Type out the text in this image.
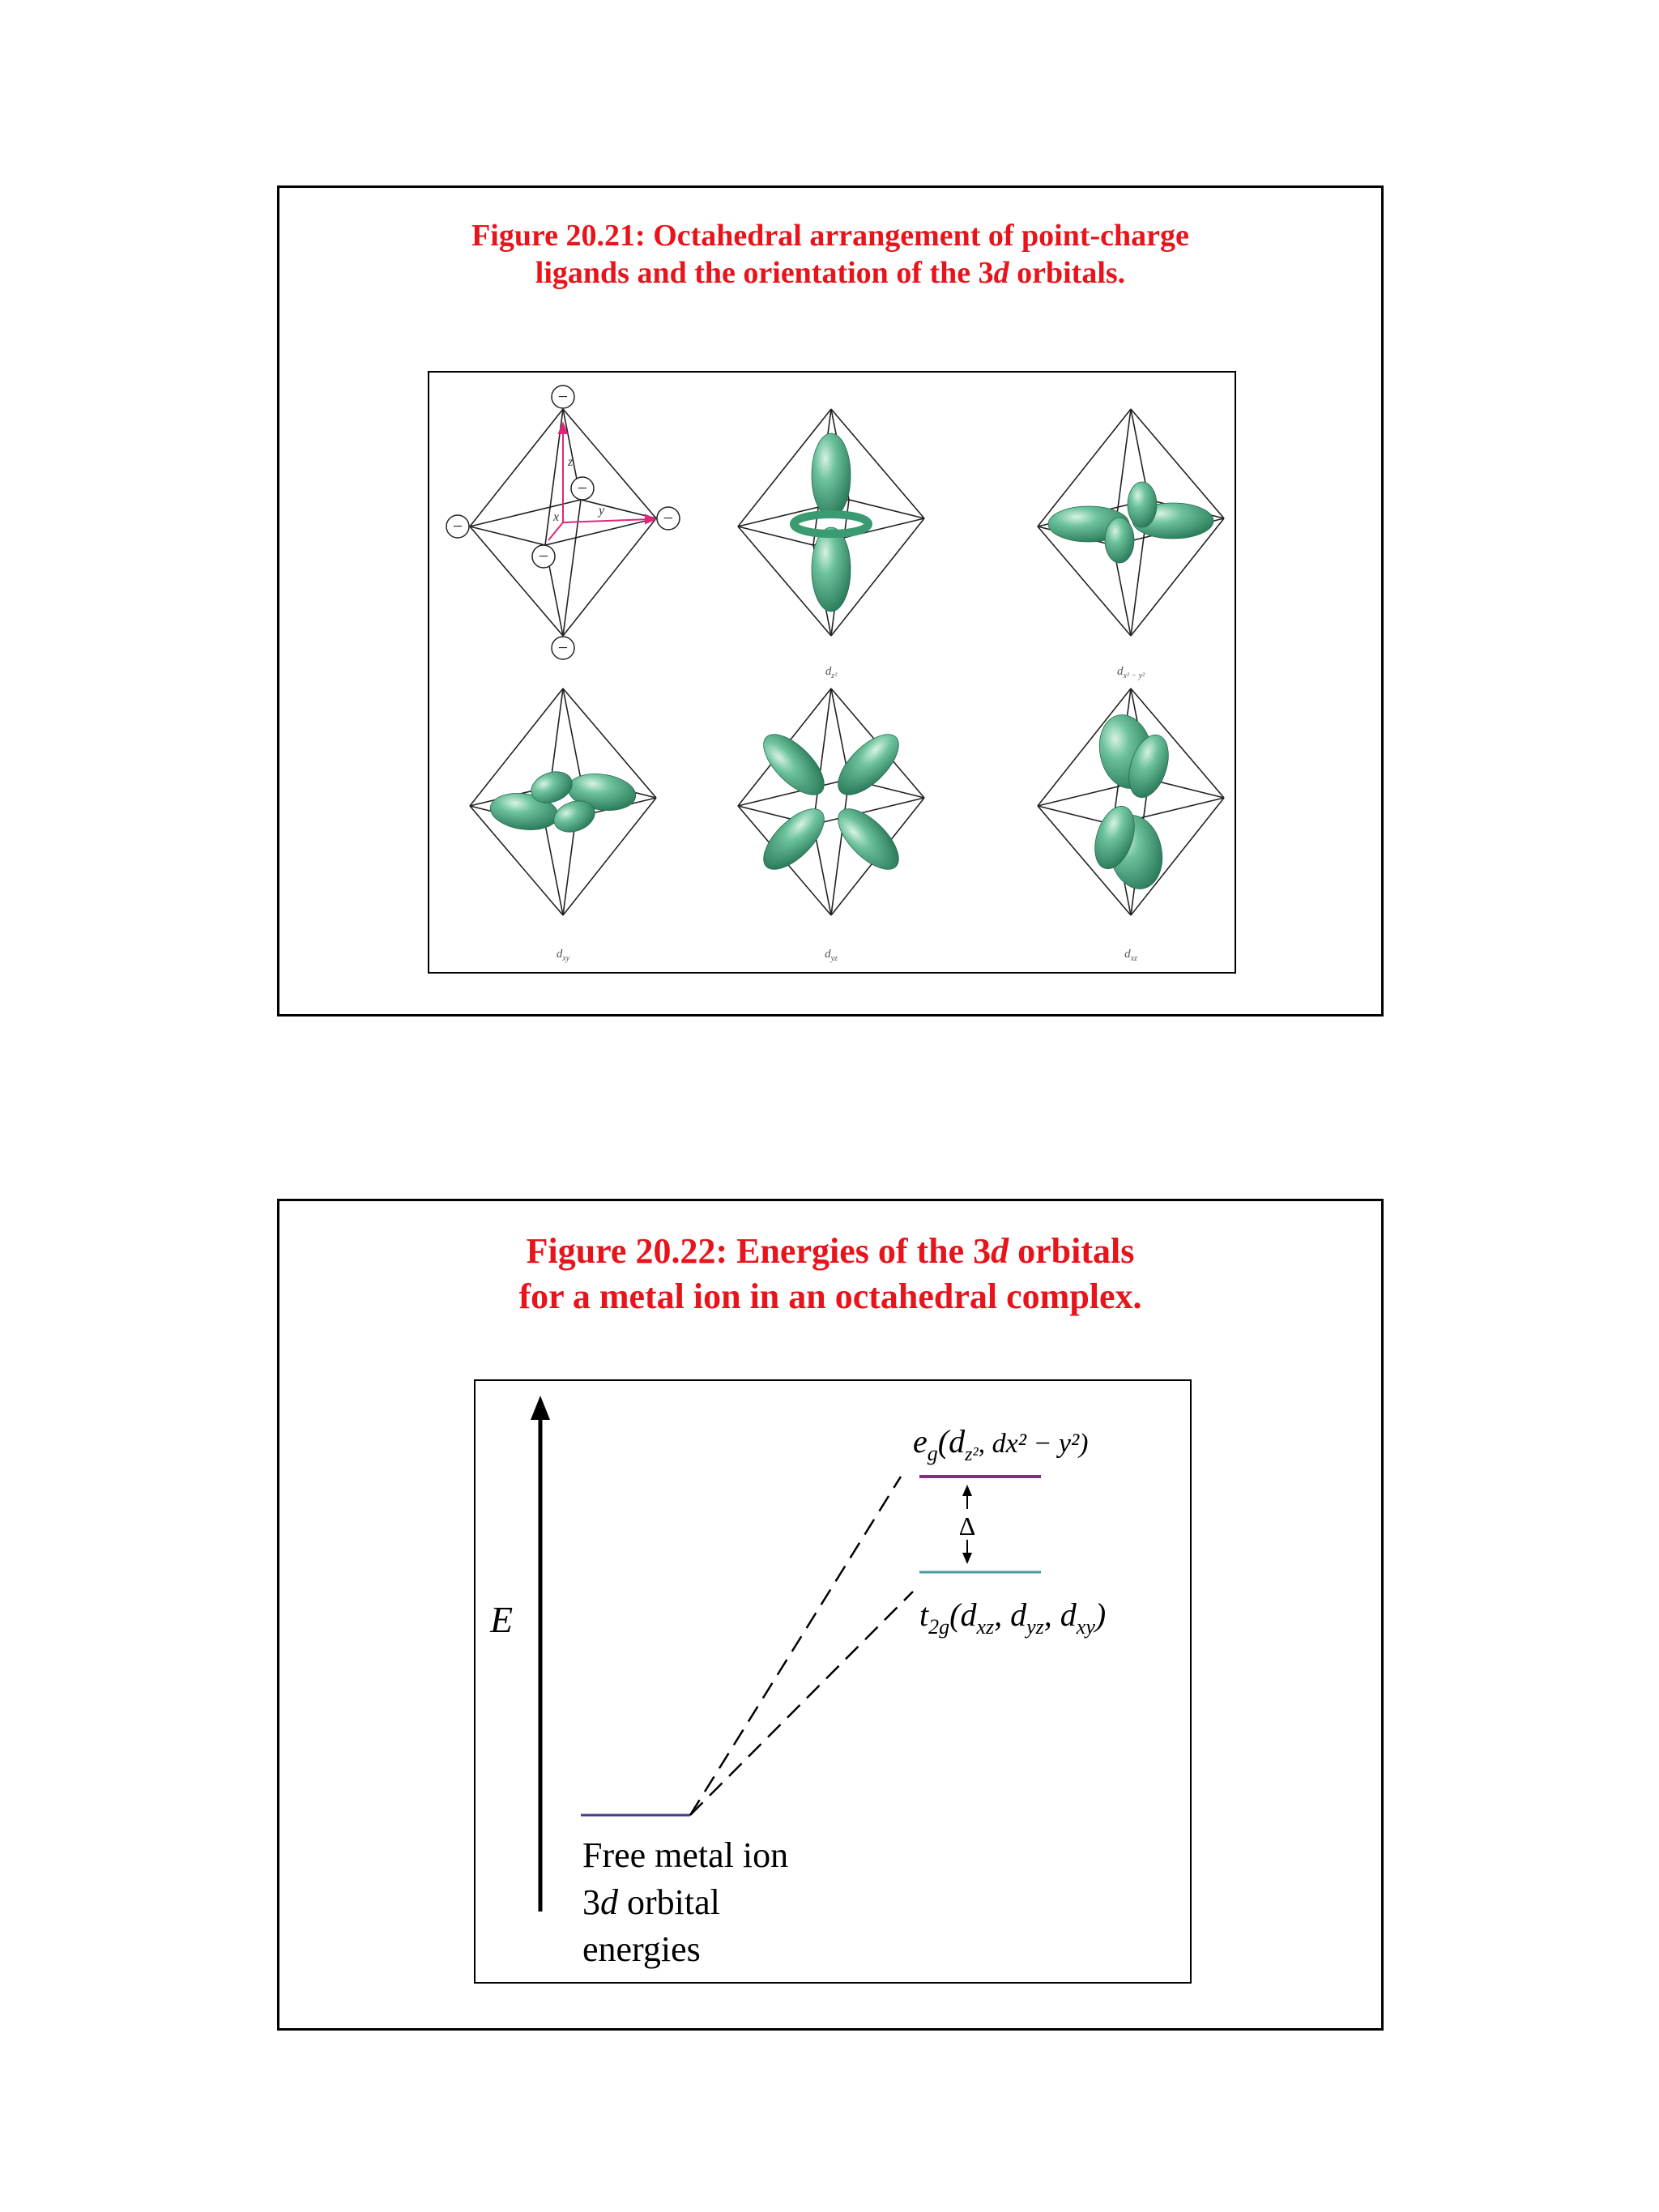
Figure 20.21: Octahedral arrangement of point-charge
ligands and the orientation of the 3d orbitals.
z
y
x
−
−
−	−
−
−
$d_{z^2}$	$d_{x^2 - y^2}$
$d_{xy}$	$d_{yz}$	$d_{xz}$
Figure 20.22: Energies of the 3d orbitals
for a metal ion in an octahedral complex.
E
Δ
$e_g(d_{z^2}^{, dx^2 - y^2)}$
$t_{2g}(d_{xz}$, $d_{yz}$, $d_{xy}$)
Free metal ion
3d orbital
energies
